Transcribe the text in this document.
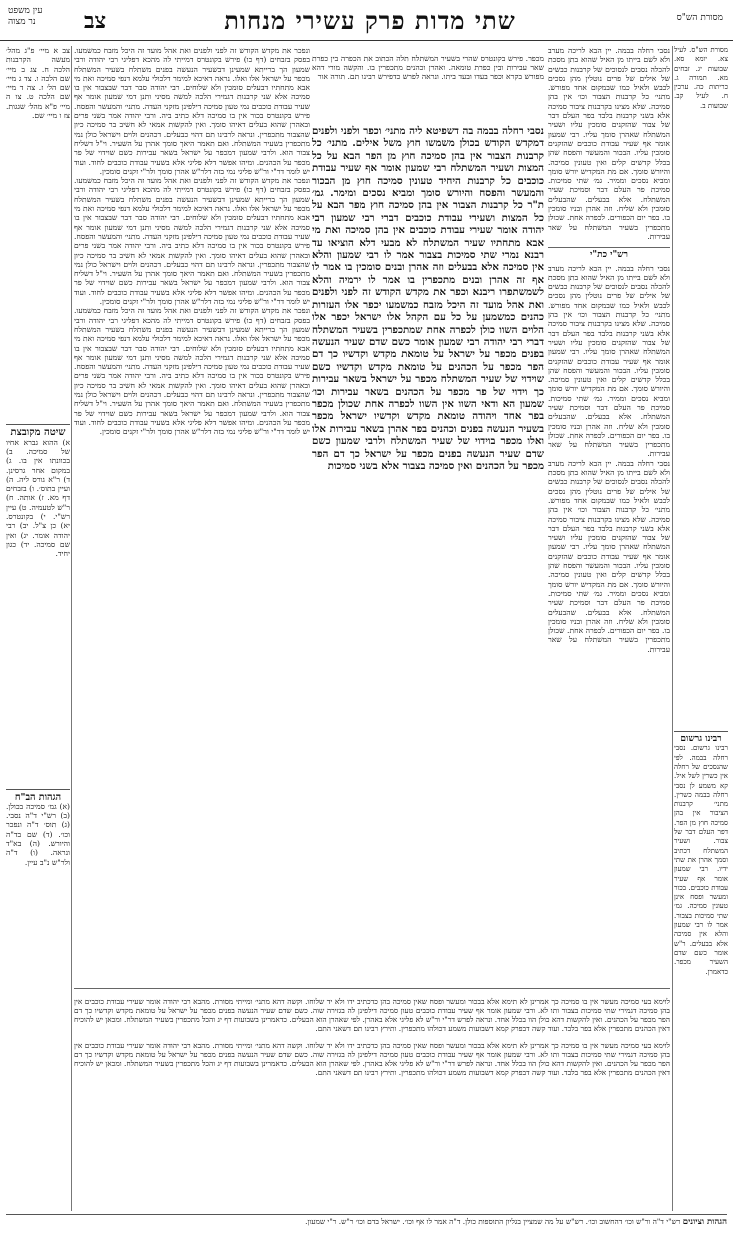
עין משפט
נר מצוה	צב	שתי מדות פרק עשירי מנחות	מסורת הש"ס

צב א מיי׳ פ"ג מהל׳ מעשה הקרבנות הלכה ח. צג ב מיי׳ שם הלכה ו. צד ג מיי׳ שם הל׳ ז. צה ד מיי׳ שם הלכה ט. צו ה מיי׳ פ"א מהל׳ שגגות. צז ו מיי׳ שם.

שיטה מקובצת

א) ההוא גברא אחיו של סמיכה. ב) בכוונתו אין בו. ג) במקום אחר גרסינן. ד) ר"א גורס ליה. ה) ועיין בתוס׳. ו) בזבחים דף מא. ז) אותה. ח) ר"ש לטעמיה. ט) עיין רש"י. י) בקונטרס. יא) כן צ"ל. יב) רבי יהודה אומר. יג) ואין שם סמיכה. יד) כגון יחיד.

הגהות הב"ח

(א) גמ׳ סמיכה בכולן. (ב) רש"י ד"ה נסבי. (ג) תוס׳ ד"ה ונפכר וכו׳. (ד) שם בד"ה והיורש. (ה) בא"ד ונראה. (ו) ד"ה ולר"ש נ"ב עיין.

ונפכר את מקדש הקודש זה לפני ולפנים ואת אהל מועד זה היכל מזבח כמשמעו. בפסק בזבחים (דף כו) פירש בקונטרס דמייתי לה מהכא דפליגי רבי יהודה ורבי שמעון הך ברייתא שמעינן דבשעיר הנעשה בפנים משתלח בשעיר המשתלח מכפר על ישראל אלו ואלו. נראה דאיכא למימר דלכולי עלמא דנפי סמיכה ואת מי אבא מתחתיו דבעלים סומכין ולא שלוחים. רבי יהודה סבר דבר שבצבור אין בו סמיכה אלא שני קרבנות דגמירי הלכה למשה מסיני ותנן דמי שמעון אומר אף שעיר עבודת כוכבים נמי טעון סמיכה דילפינן מזקני העדה. מתני׳ והמעשר והפסח. פירש בקונטרס בכור אין בו סמיכה דלא כתיב ביה. ורבי יהודה אמר בשני פרים ובאהרן שהוא בעלים דאיהו סומך. ואין להקשות אמאי לא חשיב בר סמיכה כיון שהצבור מתכפרין. ונראה לרבינו תם דהוי כבעלים. דכהנים ולוים וישראל כולן נמי מתכפרין בשעיר המשתלח. ואם תאמר היאך סומך אהרן על השעיר. וי"ל דשליח צבור הוא. ולרבי שמעון דמכפר על ישראל בשאר עבירות כשם שוידוי של פר מכפר על הכהנים. ומיהו אפשר דלא פליגי אלא בשעיר עבודת כוכבים לחוד. ועוד יש לומר דר"י ור"ש פליגי נמי בזה דלר"ש אהרן סומך ולר"י זקנים סומכין.

ונפכר את מקדש הקודש זה לפני ולפנים ואת אהל מועד זה היכל מזבח כמשמעו. בפסק בזבחים (דף כו) פירש בקונטרס דמייתי לה מהכא דפליגי רבי יהודה ורבי שמעון הך ברייתא שמעינן דבשעיר הנעשה בפנים משתלח בשעיר המשתלח מכפר על ישראל אלו ואלו. נראה דאיכא למימר דלכולי עלמא דנפי סמיכה ואת מי אבא מתחתיו דבעלים סומכין ולא שלוחים. רבי יהודה סבר דבר שבצבור אין בו סמיכה אלא שני קרבנות דגמירי הלכה למשה מסיני ותנן דמי שמעון אומר אף שעיר עבודת כוכבים נמי טעון סמיכה דילפינן מזקני העדה. מתני׳ והמעשר והפסח. פירש בקונטרס בכור אין בו סמיכה דלא כתיב ביה. ורבי יהודה אמר בשני פרים ובאהרן שהוא בעלים דאיהו סומך. ואין להקשות אמאי לא חשיב בר סמיכה כיון שהצבור מתכפרין. ונראה לרבינו תם דהוי כבעלים. דכהנים ולוים וישראל כולן נמי מתכפרין בשעיר המשתלח. ואם תאמר היאך סומך אהרן על השעיר. וי"ל דשליח צבור הוא. ולרבי שמעון דמכפר על ישראל בשאר עבירות כשם שוידוי של פר מכפר על הכהנים. ומיהו אפשר דלא פליגי אלא בשעיר עבודת כוכבים לחוד. ועוד יש לומר דר"י ור"ש פליגי נמי בזה דלר"ש אהרן סומך ולר"י זקנים סומכין.

ונפכר את מקדש הקודש זה לפני ולפנים ואת אהל מועד זה היכל מזבח כמשמעו. בפסק בזבחים (דף כו) פירש בקונטרס דמייתי לה מהכא דפליגי רבי יהודה ורבי שמעון הך ברייתא שמעינן דבשעיר הנעשה בפנים משתלח בשעיר המשתלח מכפר על ישראל אלו ואלו. נראה דאיכא למימר דלכולי עלמא דנפי סמיכה ואת מי אבא מתחתיו דבעלים סומכין ולא שלוחים. רבי יהודה סבר דבר שבצבור אין בו סמיכה אלא שני קרבנות דגמירי הלכה למשה מסיני ותנן דמי שמעון אומר אף שעיר עבודת כוכבים נמי טעון סמיכה דילפינן מזקני העדה. מתני׳ והמעשר והפסח. פירש בקונטרס בכור אין בו סמיכה דלא כתיב ביה. ורבי יהודה אמר בשני פרים ובאהרן שהוא בעלים דאיהו סומך. ואין להקשות אמאי לא חשיב בר סמיכה כיון שהצבור מתכפרין. ונראה לרבינו תם דהוי כבעלים. דכהנים ולוים וישראל כולן נמי מתכפרין בשעיר המשתלח. ואם תאמר היאך סומך אהרן על השעיר. וי"ל דשליח צבור הוא. ולרבי שמעון דמכפר על ישראל בשאר עבירות כשם שוידוי של פר מכפר על הכהנים. ומיהו אפשר דלא פליגי אלא בשעיר עבודת כוכבים לחוד. ועוד יש לומר דר"י ור"ש פליגי נמי בזה דלר"ש אהרן סומך ולר"י זקנים סומכין.

מכפר. פירש בקונטרס שהרי בשעיר המשתלח תלה הכתוב את הכפרה בין כפרת שאר עבירות ובין כפרת טומאה. ואהרן וכהנים מתכפרין בו. והקשה מורי דהא מפורש בקרא וכפר בעדו ובעד ביתו. ונראה לפרש כדפירש רבינו תם. תורה אור

נסבי רחלה בבמה בה דשפיטא ליה מתני׳ וכפר ולפני ולפנים דמקדש הקודש בכולן משמשו חוץ משל אילים. מתני׳ כל קרבנות הצבור אין בהן סמיכה חוץ מן הפר הבא על כל המצות ושעיר המשתלח רבי שמעון אומר אף שעיר עבודת כוכבים כל קרבנות היחיד טעונין סמיכה חוץ מן הבכור והמעשר והפסח והיורש סומך ומביא נסכים ומימר. גמ׳ ת"ר כל קרבנות הצבור אין בהן סמיכה חוץ מפר הבא על כל המצות ושעירי עבודת כוכבים דברי רבי שמעון רבי יהודה אומר שעירי עבודת כוכבים אין בהן סמיכה ואת מי אבא מתחתיו שעיר המשתלח לא מבעי דלא הוציאו עד רבנא נמרי שתי סמיכות בצבור אמר לו רבי שמעון והלא אין סמיכה אלא בבעלים וזה אהרן ובנים סומכין בו אמר לו אף זה אהרן ובנים מתכפרין בו אמר לו ירמיה והלא לשמשתפרו ריבנא וכפר את מקדש הקודש זה לפני ולפנים ואת אהל מועד זה היכל מזבח כמשמעו יכפר אלו העזרות כהנים כמשמען על כל עם הקהל אלו ישראל יכפר אלו הלוים השוו כולן לכפרה אחת שמתכפרין בשעיר המשתלח דברי רבי יהודה רבי שמעון אומר כשם שדם שעיר הנעשה בפנים מכפר על ישראל על טומאת מקדש וקדשיו כך דם הפר מכפר על הכהנים על טומאת מקדש וקדשיו כשם שוידוי של שעיר המשתלח מכפר על ישראל בשאר עבירות כך וידוי של פר מכפר על הכהנים בשאר עבירות וכו׳ שמעון הא ודאי השוו אין השוו לכפרה אחת שכולן מכפר בפר אחד ויהודה טומאת מקדש וקדשיו ישראל מכפר בשעיר הנעשה בפנים וכהנים בפר אהרן בשאר עבירות אלו ואלו מכפר בוידוי של שעיר המשתלח ולרבי שמעון כשם שדם שעיר הנעשה בפנים מכפר על ישראל כך דם הפר מכפר על הכהנים ואין סמיכה בצבור אלא בשני סמיכות

נסבי רחלה בבמה. יין הבא לריכה מערב ולא לשם בייתו מן האיל שהוא בתן מסכת להכלה נסבים לנסוכים של קרבנות כבשים של אילים של פרים נוטלין מהן נסכים לכבש ולאיל כמו שבמקום אחד מפורש. מתני׳ כל קרבנות הצבור וכו׳ אין בהן סמיכה. שלא מצינו בקרבנות ציבור סמיכה אלא בשני קרבנות בלבד בפר העלם דבר של צבור שהזקנים סומכין עליו ושעיר המשתלח שאהרן סומך עליו. רבי שמעון אומר אף שעיר עבודת כוכבים שהזקנים סומכין עליו. הבכור והמעשר והפסח שהן בכלל קדשים קלים ואין טעונין סמיכה. והיורש סומך. אם מת המקדיש יורש סומך ומביא נסכים וממיר. גמ׳ שתי סמיכות. סמיכת פר העלם דבר וסמיכת שעיר המשתלח. אלא בבעלים. שהבעלים סומכין ולא שליח. וזה אהרן ובניו סומכין בו. בפר יום הכפורים. לכפרה אחת. שכולן מתכפרין בשעיר המשתלח על שאר עבירות.

רש"י כת"י

נסבי רחלה בבמה. יין הבא לריכה מערב ולא לשם בייתו מן האיל שהוא בתן מסכת להכלה נסבים לנסוכים של קרבנות כבשים של אילים של פרים נוטלין מהן נסכים לכבש ולאיל כמו שבמקום אחד מפורש. מתני׳ כל קרבנות הצבור וכו׳ אין בהן סמיכה. שלא מצינו בקרבנות ציבור סמיכה אלא בשני קרבנות בלבד בפר העלם דבר של צבור שהזקנים סומכין עליו ושעיר המשתלח שאהרן סומך עליו. רבי שמעון אומר אף שעיר עבודת כוכבים שהזקנים סומכין עליו. הבכור והמעשר והפסח שהן בכלל קדשים קלים ואין טעונין סמיכה. והיורש סומך. אם מת המקדיש יורש סומך ומביא נסכים וממיר. גמ׳ שתי סמיכות. סמיכת פר העלם דבר וסמיכת שעיר המשתלח. אלא בבעלים. שהבעלים סומכין ולא שליח. וזה אהרן ובניו סומכין בו. בפר יום הכפורים. לכפרה אחת. שכולן מתכפרין בשעיר המשתלח על שאר עבירות.

נסבי רחלה בבמה. יין הבא לריכה מערב ולא לשם בייתו מן האיל שהוא בתן מסכת להכלה נסבים לנסוכים של קרבנות כבשים של אילים של פרים נוטלין מהן נסכים לכבש ולאיל כמו שבמקום אחד מפורש. מתני׳ כל קרבנות הצבור וכו׳ אין בהן סמיכה. שלא מצינו בקרבנות ציבור סמיכה אלא בשני קרבנות בלבד בפר העלם דבר של צבור שהזקנים סומכין עליו ושעיר המשתלח שאהרן סומך עליו. רבי שמעון אומר אף שעיר עבודת כוכבים שהזקנים סומכין עליו. הבכור והמעשר והפסח שהן בכלל קדשים קלים ואין טעונין סמיכה. והיורש סומך. אם מת המקדיש יורש סומך ומביא נסכים וממיר. גמ׳ שתי סמיכות. סמיכת פר העלם דבר וסמיכת שעיר המשתלח. אלא בבעלים. שהבעלים סומכין ולא שליח. וזה אהרן ובניו סומכין בו. בפר יום הכפורים. לכפרה אחת. שכולן מתכפרין בשעיר המשתלח על שאר עבירות.

מסורת הש"ס. לעיל צא. יומא סא. שבועות יג. זבחים מא. תמורה ג. כריתות כה. ערכין ח. לעיל קב. שבועות ב.

רבינו גרשום

רבינו גרשום. נסבי רחלה בבמה. לפי שהנסכים של רחלה אין כשרין לשל איל. קא משמע לן נסבי רחלה בבמה כשרין. מתני׳ קרבנות הציבור אין בהן סמיכה חוץ מן הפר. דפר העלם דבר של צבור. ושעיר המשתלח דכתיב וסמך אהרן את שתי ידיו. רבי שמעון אומר אף שעיר עבודת כוכבים. בכור ומעשר ופסח אינן טעונין סמיכה. גמ׳ שתי סמיכות בצבור. אמר לו רבי שמעון והלא אין סמיכה אלא בבעלים. ר"ש אומר כשם שדם השעיר מכפר. כדאמרן.

לוימא בעי סמיכה מעשר אין בו סמיכה כך אמרינן לא תימא אלא בבכור ומעשר ופסח שאין סמיכה בהן כדכתיב ידו ולא יד שלוחו. וקשה דהא מתני׳ ומייתי מסורת. מהבא רבי יהודה אומר שעירי עבודת כוכבים אין בהן סמיכה דגמירי שתי סמיכות בצבור ותו לא. ורבי שמעון אומר אף שעיר עבודת כוכבים טעון סמיכה דילפינן לה בגזירה שוה. כשם שדם שעיר הנעשה בפנים מכפר על ישראל על טומאת מקדש וקדשיו כך דם הפר מכפר על הכהנים. ואין להקשות דהא כולן הוו בכלל אחד. ונראה לפרש דר"י ור"ש לא פליגי אלא באהרן. לפי שאהרן הוא הבעלים. כדאמרינן בשבועות דף יג והכל מתכפרין בשעיר המשתלח. ומכאן יש להוכיח דאין הכהנים מתכפרין אלא בפר בלבד. ועוד קשה דבפרק קמא דשבועות משמע דכולהו מתכפרין. ותירץ רבינו תם דשאני התם.

לוימא בעי סמיכה מעשר אין בו סמיכה כך אמרינן לא תימא אלא בבכור ומעשר ופסח שאין סמיכה בהן כדכתיב ידו ולא יד שלוחו. וקשה דהא מתני׳ ומייתי מסורת. מהבא רבי יהודה אומר שעירי עבודת כוכבים אין בהן סמיכה דגמירי שתי סמיכות בצבור ותו לא. ורבי שמעון אומר אף שעיר עבודת כוכבים טעון סמיכה דילפינן לה בגזירה שוה. כשם שדם שעיר הנעשה בפנים מכפר על ישראל על טומאת מקדש וקדשיו כך דם הפר מכפר על הכהנים. ואין להקשות דהא כולן הוו בכלל אחד. ונראה לפרש דר"י ור"ש לא פליגי אלא באהרן. לפי שאהרן הוא הבעלים. כדאמרינן בשבועות דף יג והכל מתכפרין בשעיר המשתלח. ומכאן יש להוכיח דאין הכהנים מתכפרין אלא בפר בלבד. ועוד קשה דבפרק קמא דשבועות משמע דכולהו מתכפרין. ותירץ רבינו תם דשאני התם.

הגהות וציונים רש"י ד"ה ור"ש וכו׳ דהחשוב וכו׳. רש"ש על מה שמציין בגליון התוספות כולן. ד"ה אמר לו אף וכו׳. ישראל בדם וכו׳ ר"ש. ר"י שמעון.
